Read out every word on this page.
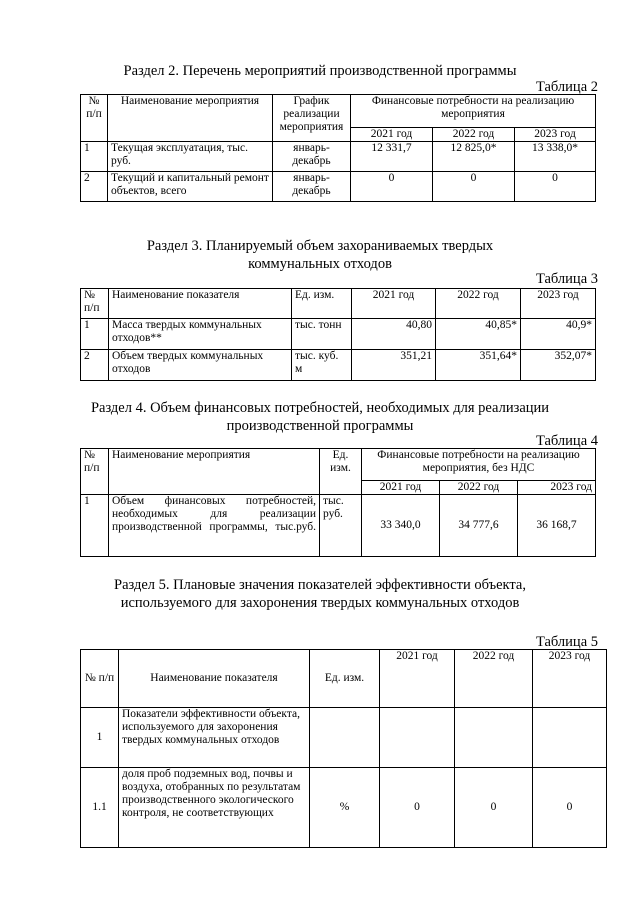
Раздел 2. Перечень мероприятий производственной программы
Таблица 2
№ п/п	Наименование мероприятия	График реализации мероприятия	Финансовые потребности на реализацию мероприятия		
			2021 год	2022 год	2023 год
1	Текущая эксплуатация, тыс. руб.	январь-декабрь	12 331,7	12 825,0*	13 338,0*
2	Текущий и капитальный ремонт объектов, всего	январь-декабрь	0	0	0
Раздел 3. Планируемый объем захораниваемых твердых коммунальных отходов
Таблица 3
№ п/п	Наименование показателя	Ед. изм.	2021 год	2022 год	2023 год
1	Масса твердых коммунальных отходов**	тыс. тонн	40,80	40,85*	40,9*
2	Объем твердых коммунальных отходов	тыс. куб. м	351,21	351,64*	352,07*
Раздел 4. Объем финансовых потребностей, необходимых для реализации производственной программы
Таблица 4
№ п/п	Наименование мероприятия	Ед. изм.	Финансовые потребности на реализацию мероприятия, без НДС		
			2021 год	2022 год	2023 год
1	Объем финансовых потребностей, необходимых для реализации производственной программы, тыс.руб.	тыс. руб.	33 340,0	34 777,6	36 168,7
Раздел 5. Плановые значения показателей эффективности объекта, используемого для захоронения твердых коммунальных отходов
Таблица 5
№ п/п	Наименование показателя	Ед. изм.	2021 год	2022 год	2023 год
1	Показатели эффективности объекта, используемого для захоронения твердых коммунальных отходов				
1.1	доля проб подземных вод, почвы и воздуха, отобранных по результатам производственного экологического контроля, не соответствующих	%	0	0	0
